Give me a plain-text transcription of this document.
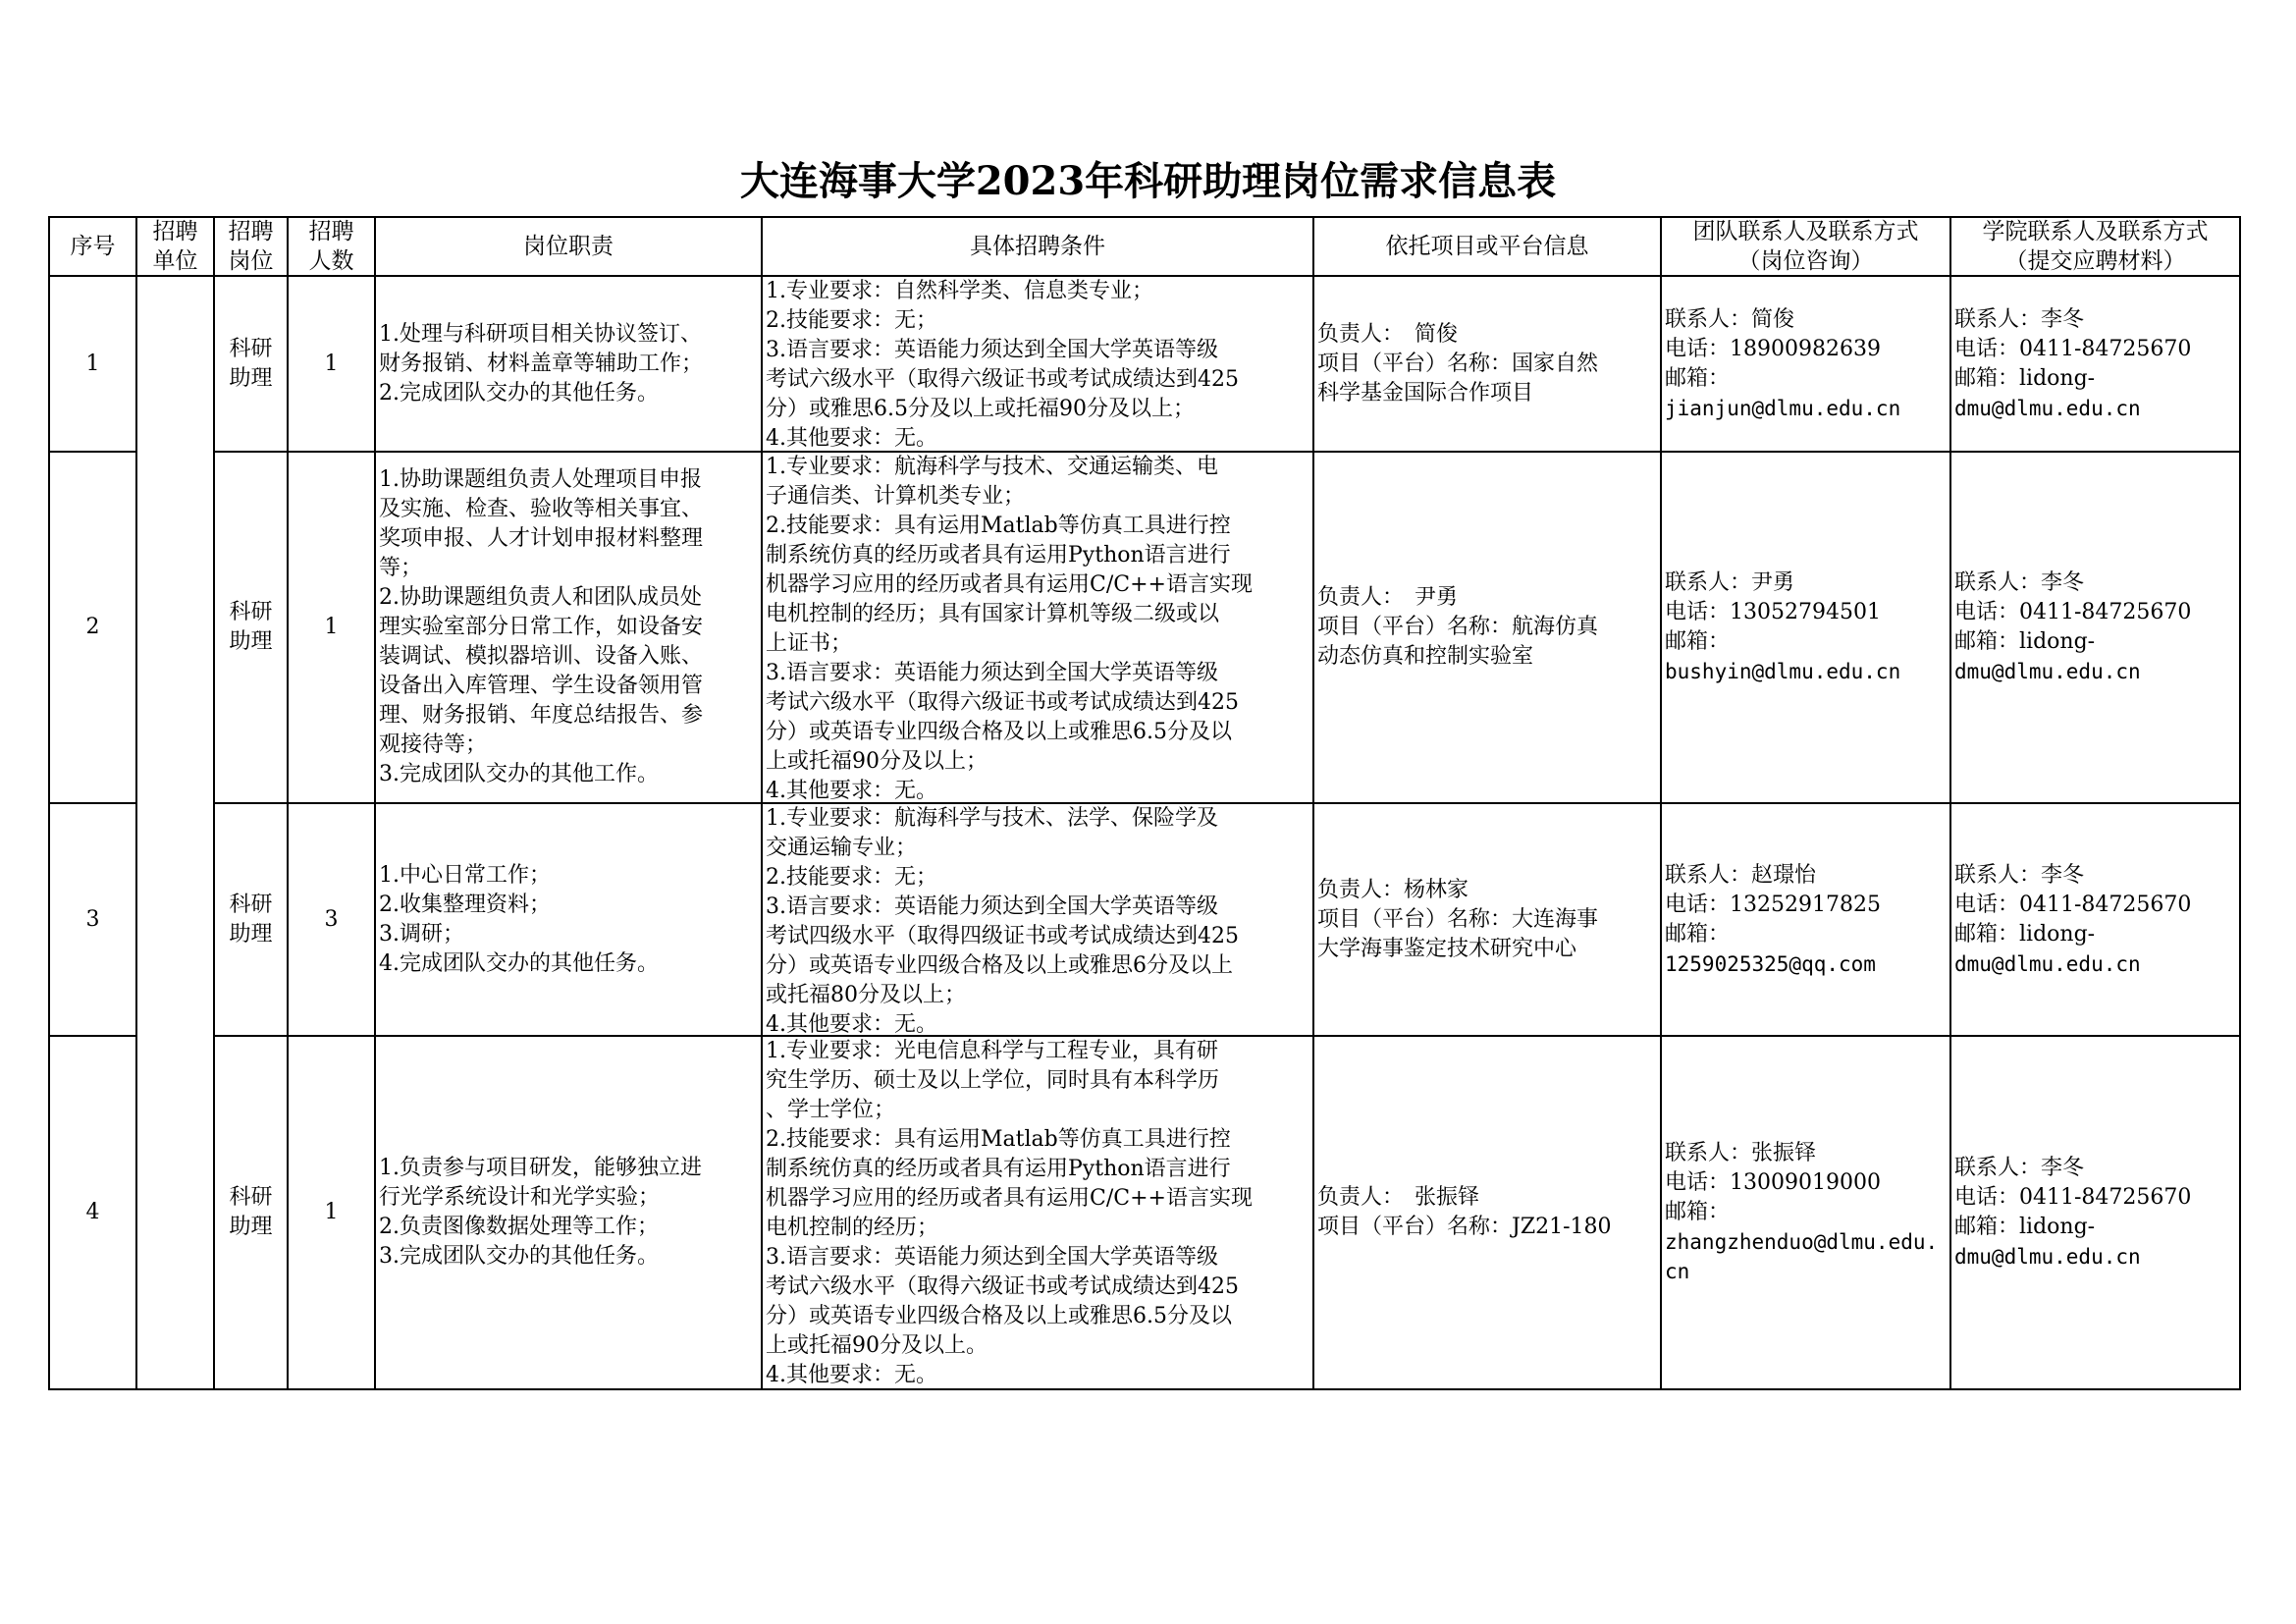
大连海事大学2023年科研助理岗位需求信息表
序号
招聘
单位
招聘
岗位
招聘
人数
岗位职责	具体招聘条件	依托项目或平台信息
团队联系人及联系方式
（岗位咨询）
学院联系人及联系方式
（提交应聘材料）
1
科研
助理
1
1.处理与科研项目相关协议签订、
财务报销、材料盖章等辅助工作；
2.完成团队交办的其他任务。
1.专业要求：自然科学类、信息类专业；
2.技能要求：无；
3.语言要求：英语能力须达到全国大学英语等级
考试六级水平（取得六级证书或考试成绩达到425
分）或雅思6.5分及以上或托福90分及以上；
4.其他要求：无。
负责人：　简俊
项目（平台）名称：国家自然
科学基金国际合作项目
联系人：简俊
电话：18900982639
邮箱：
jianjun@dlmu.edu.cn
联系人：李冬
电话：0411-84725670
邮箱：lidong-
dmu@dlmu.edu.cn
2
科研
助理
1
1.协助课题组负责人处理项目申报
及实施、检查、验收等相关事宜、
奖项申报、人才计划申报材料整理
等；
2.协助课题组负责人和团队成员处
理实验室部分日常工作，如设备安
装调试、模拟器培训、设备入账、
设备出入库管理、学生设备领用管
理、财务报销、年度总结报告、参
观接待等；
3.完成团队交办的其他工作。
1.专业要求：航海科学与技术、交通运输类、电
子通信类、计算机类专业；
2.技能要求：具有运用Matlab等仿真工具进行控
制系统仿真的经历或者具有运用Python语言进行
机器学习应用的经历或者具有运用C/C++语言实现
电机控制的经历；具有国家计算机等级二级或以
上证书；
3.语言要求：英语能力须达到全国大学英语等级
考试六级水平（取得六级证书或考试成绩达到425
分）或英语专业四级合格及以上或雅思6.5分及以
上或托福90分及以上；
4.其他要求：无。
负责人：　尹勇
项目（平台）名称：航海仿真
动态仿真和控制实验室
联系人：尹勇
电话：13052794501
邮箱：
bushyin@dlmu.edu.cn
联系人：李冬
电话：0411-84725670
邮箱：lidong-
dmu@dlmu.edu.cn
3
科研
助理
3
1.中心日常工作；
2.收集整理资料；
3.调研；
4.完成团队交办的其他任务。
1.专业要求：航海科学与技术、法学、保险学及
交通运输专业；
2.技能要求：无；
3.语言要求：英语能力须达到全国大学英语等级
考试四级水平（取得四级证书或考试成绩达到425
分）或英语专业四级合格及以上或雅思6分及以上
或托福80分及以上；
4.其他要求：无。
负责人：杨林家
项目（平台）名称：大连海事
大学海事鉴定技术研究中心
联系人：赵璟怡
电话：13252917825
邮箱：
1259025325@qq.com
联系人：李冬
电话：0411-84725670
邮箱：lidong-
dmu@dlmu.edu.cn
4
科研
助理
1
1.负责参与项目研发，能够独立进
行光学系统设计和光学实验；
2.负责图像数据处理等工作；
3.完成团队交办的其他任务。
1.专业要求：光电信息科学与工程专业，具有研
究生学历、硕士及以上学位，同时具有本科学历
、学士学位；
2.技能要求：具有运用Matlab等仿真工具进行控
制系统仿真的经历或者具有运用Python语言进行
机器学习应用的经历或者具有运用C/C++语言实现
电机控制的经历；
3.语言要求：英语能力须达到全国大学英语等级
考试六级水平（取得六级证书或考试成绩达到425
分）或英语专业四级合格及以上或雅思6.5分及以
上或托福90分及以上。
4.其他要求：无。
负责人：　张振铎
项目（平台）名称：JZ21-180
联系人：张振铎
电话：13009019000
邮箱：
zhangzhenduo@dlmu.edu.
cn
联系人：李冬
电话：0411-84725670
邮箱：lidong-
dmu@dlmu.edu.cn
